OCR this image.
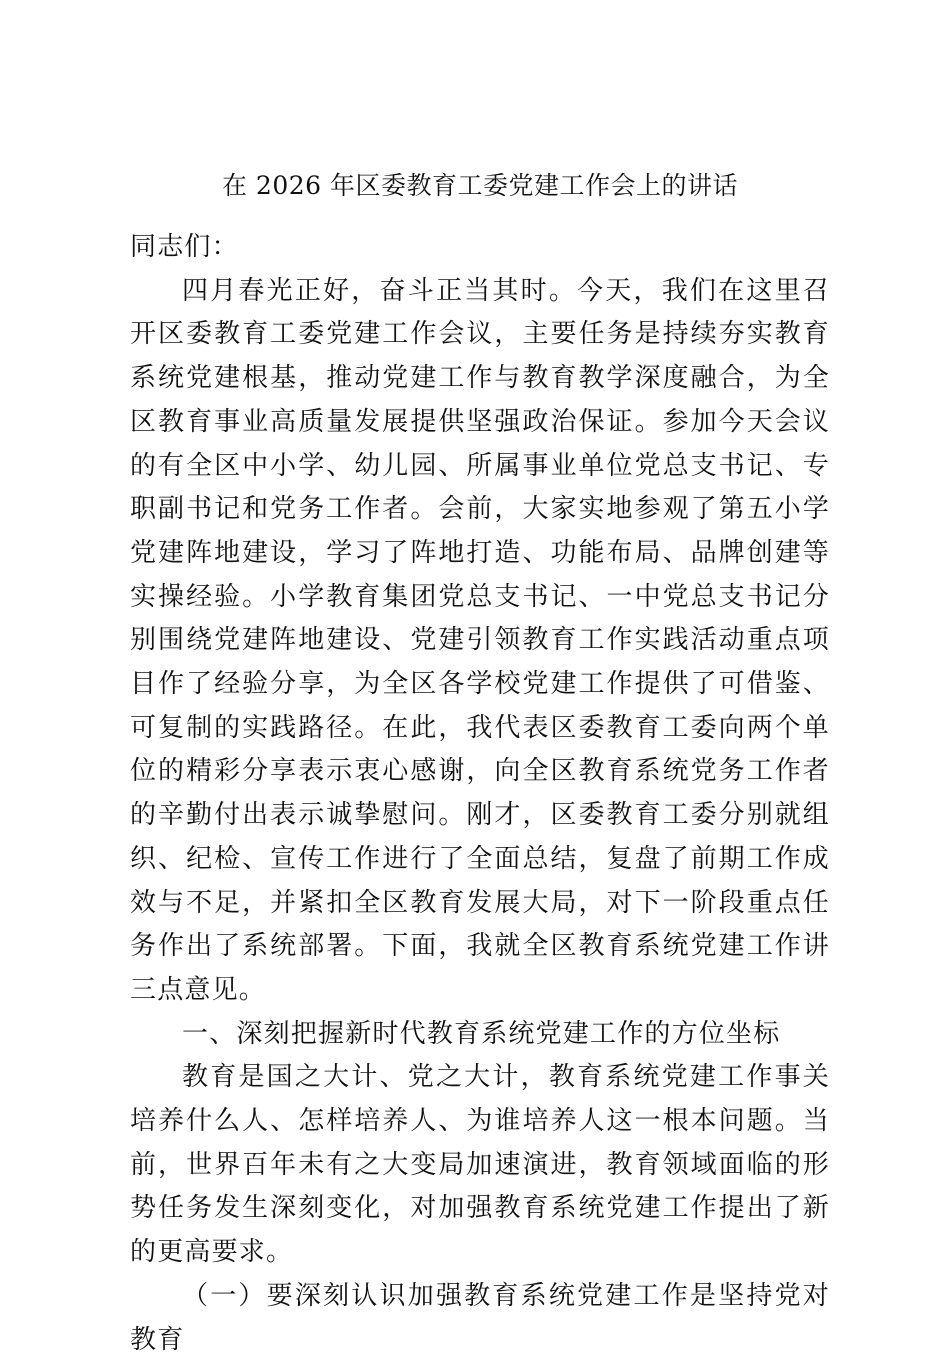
在 2026 年区委教育工委党建工作会上的讲话

同志们：

四月春光正好，奋斗正当其时。今天，我们在这里召开区委教育工委党建工作会议，主要任务是持续夯实教育系统党建根基，推动党建工作与教育教学深度融合，为全区教育事业高质量发展提供坚强政治保证。参加今天会议的有全区中小学、幼儿园、所属事业单位党总支书记、专职副书记和党务工作者。会前，大家实地参观了第五小学党建阵地建设，学习了阵地打造、功能布局、品牌创建等实操经验。小学教育集团党总支书记、一中党总支书记分别围绕党建阵地建设、党建引领教育工作实践活动重点项目作了经验分享，为全区各学校党建工作提供了可借鉴、可复制的实践路径。在此，我代表区委教育工委向两个单位的精彩分享表示衷心感谢，向全区教育系统党务工作者的辛勤付出表示诚挚慰问。刚才，区委教育工委分别就组织、纪检、宣传工作进行了全面总结，复盘了前期工作成效与不足，并紧扣全区教育发展大局，对下一阶段重点任务作出了系统部署。下面，我就全区教育系统党建工作讲三点意见。

一、深刻把握新时代教育系统党建工作的方位坐标

教育是国之大计、党之大计，教育系统党建工作事关培养什么人、怎样培养人、为谁培养人这一根本问题。当前，世界百年未有之大变局加速演进，教育领域面临的形势任务发生深刻变化，对加强教育系统党建工作提出了新的更高要求。

（一）要深刻认识加强教育系统党建工作是坚持党对教育
